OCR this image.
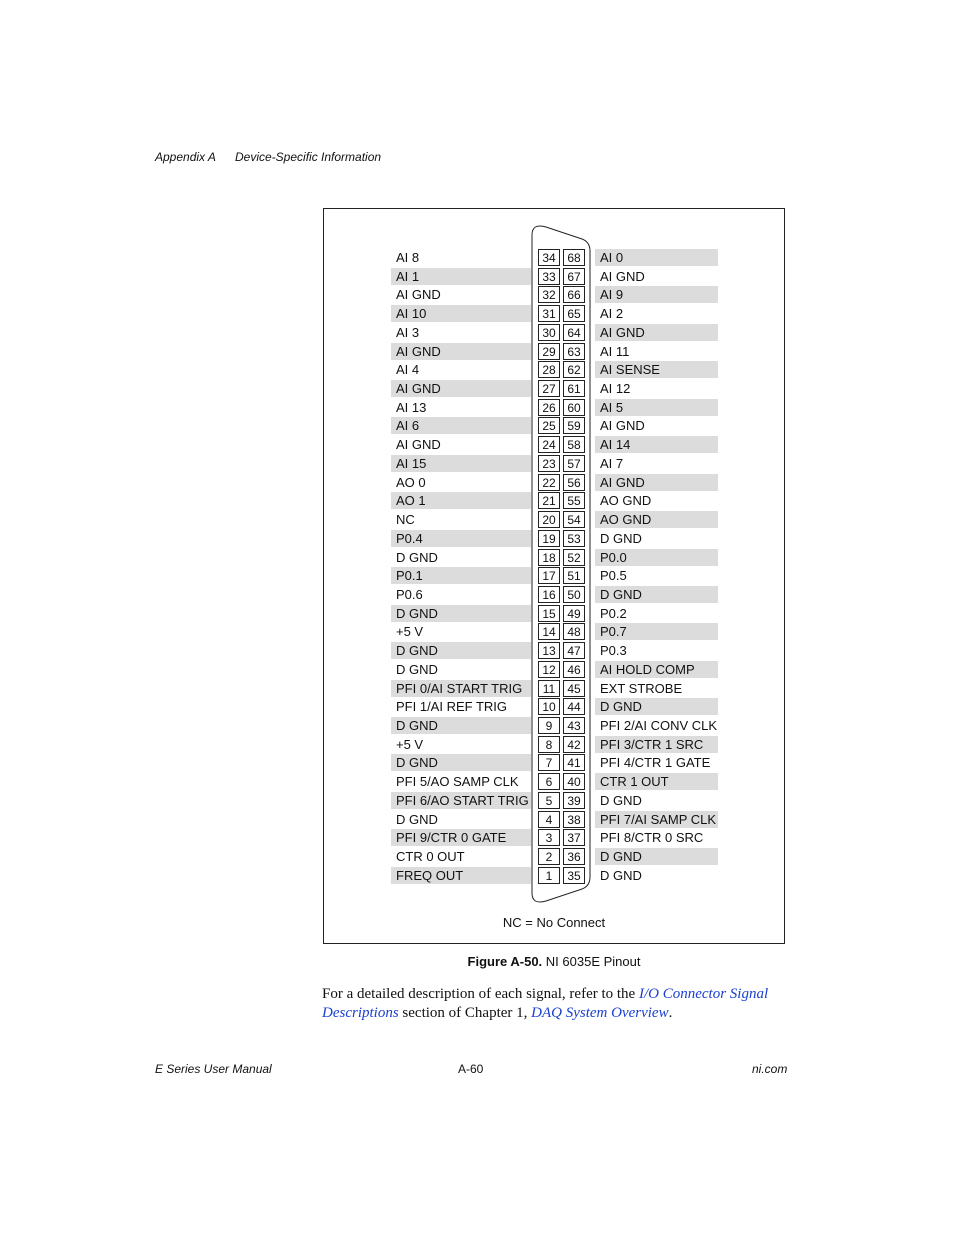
Appendix A Device-Specific Information
AI 8	34 68	AI 0
AI 1	33 67	AI GND
AI GND	32 66	AI 9
AI 10	31 65	AI 2
AI 3	30 64	AI GND
AI GND	29 63	AI 11
AI 4	28 62	AI SENSE
AI GND	27 61	AI 12
AI 13	26 60	AI 5
AI 6	25 59	AI GND
AI GND	24 58	AI 14
AI 15	23 57	AI 7
AO 0	22 56	AI GND
AO 1	21 55	AO GND
NC	20 54	AO GND
P0.4	19 53	D GND
D GND	18 52	P0.0
P0.1	17 51	P0.5
P0.6	16 50	D GND
D GND	15 49	P0.2
+5 V	14 48	P0.7
D GND	13 47	P0.3
D GND	12 46	AI HOLD COMP
PFI 0/AI START TRIG	11	45	EXT STROBE
PFI 1/AI REF TRIG	10 44	D GND
D GND	9	43	PFI 2/AI CONV CLK
+5 V	8	42	PFI 3/CTR 1 SRC
D GND	7	41	PFI 4/CTR 1 GATE
PFI 5/AO SAMP CLK	6	40	CTR 1 OUT
PFI 6/AO START TRIG	5	39	D GND
D GND	4	38	PFI 7/AI SAMP CLK
PFI 9/CTR 0 GATE	3	37	PFI 8/CTR 0 SRC
CTR 0 OUT	2	36	D GND
FREQ OUT	1	35	D GND
NC = No Connect
Figure A-50. NI 6035E Pinout
For a detailed description of each signal, refer to the I/O Connector Signal Descriptions section of Chapter 1, DAQ System Overview.
E Series User Manual	A-60	ni.com
